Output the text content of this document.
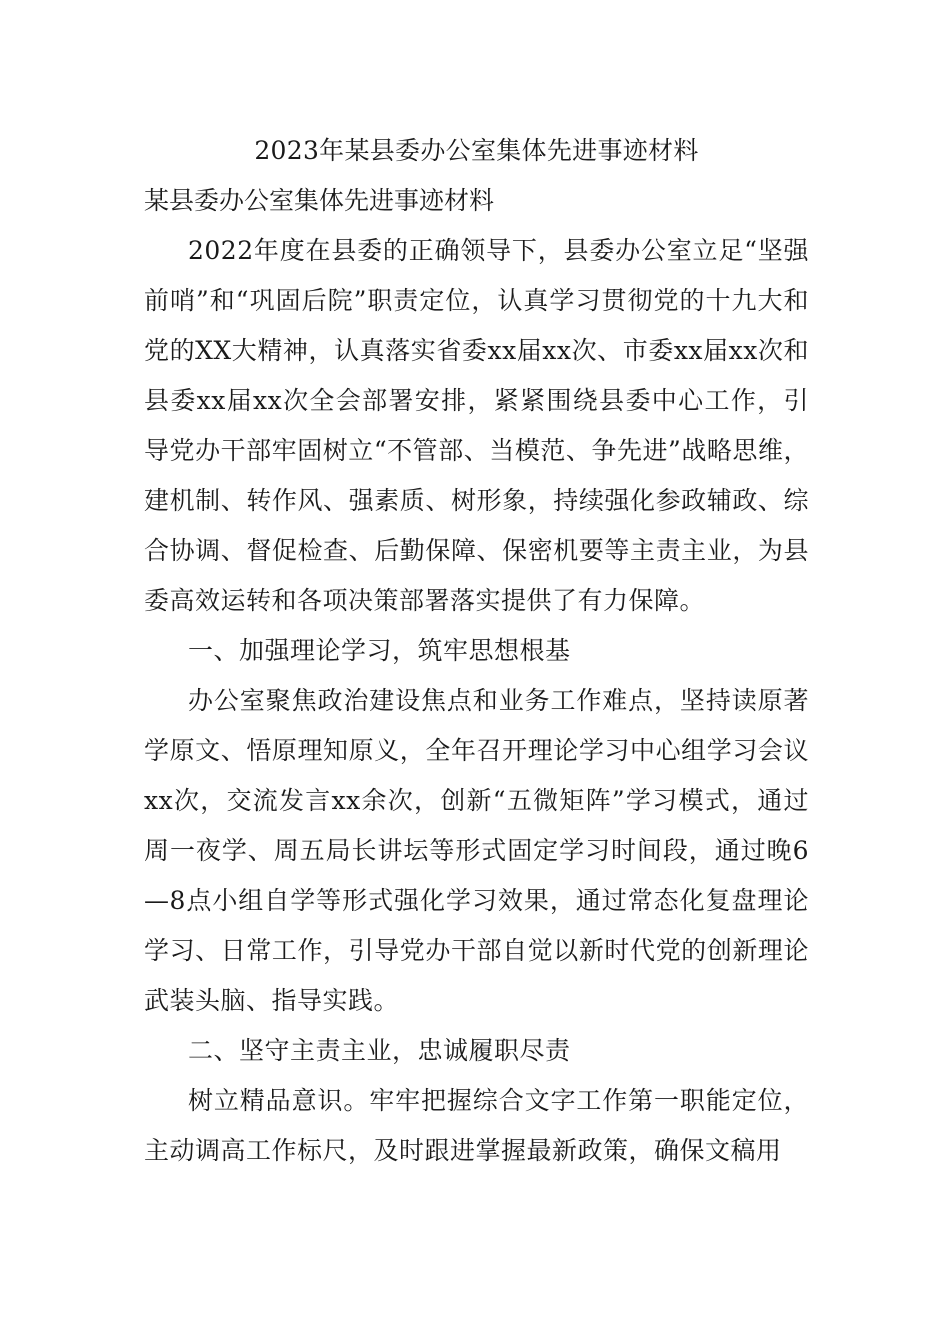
2023年某县委办公室集体先进事迹材料

某县委办公室集体先进事迹材料

2022年度在县委的正确领导下，县委办公室立足“坚强前哨”和“巩固后院”职责定位，认真学习贯彻党的十九大和党的XX大精神，认真落实省委xx届xx次、市委xx届xx次和县委xx届xx次全会部署安排，紧紧围绕县委中心工作，引导党办干部牢固树立“不管部、当模范、争先进”战略思维，建机制、转作风、强素质、树形象，持续强化参政辅政、综合协调、督促检查、后勤保障、保密机要等主责主业，为县委高效运转和各项决策部署落实提供了有力保障。

一、加强理论学习，筑牢思想根基

办公室聚焦政治建设焦点和业务工作难点，坚持读原著学原文、悟原理知原义，全年召开理论学习中心组学习会议xx次，交流发言xx余次，创新“五微矩阵”学习模式，通过周一夜学、周五局长讲坛等形式固定学习时间段，通过晚6—8点小组自学等形式强化学习效果，通过常态化复盘理论学习、日常工作，引导党办干部自觉以新时代党的创新理论武装头脑、指导实践。

二、坚守主责主业，忠诚履职尽责

树立精品意识。牢牢把握综合文字工作第一职能定位，主动调高工作标尺，及时跟进掌握最新政策，确保文稿用
